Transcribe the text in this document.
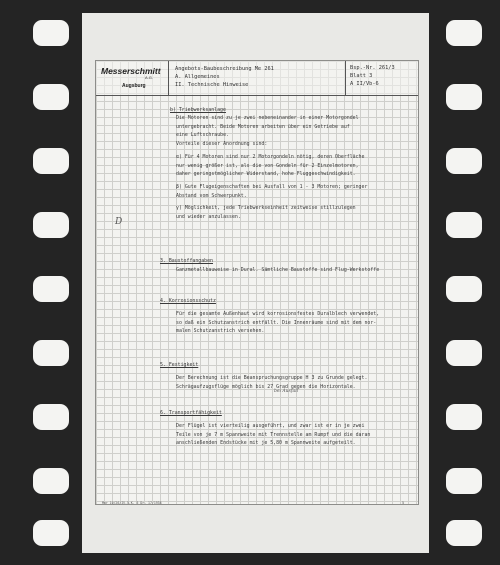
Messerschmitt
A.G.
Augsburg
Angebots-Baubeschreibung Me 261
A. Allgemeines
II. Technische Hinweise
Bsp.-Nr. 261/3
Blatt 3
A II/Vb-6
b) Triebwerksanlage
Die Motoren sind zu je zwei nebeneinander in einer Motorgondel
untergebracht. Beide Motoren arbeiten über ein Getriebe auf
eine Luftschraube.
Vorteile dieser Anordnung sind:
α) Für 4 Motoren sind nur 2 Motorgondeln nötig, deren Oberfläche
nur wenig größer ist, als die von Gondeln für 2 Einzelmotoren,
daher geringstmöglicher Widerstand, hohe Fluggeschwindigkeit.
β) Gute Flugeigenschaften bei Ausfall von 1 - 3 Motoren; geringer
Abstand vom Schwerpunkt.
γ) Möglichkeit, jede Triebwerkseinheit zeitweise stillzulegen
und wieder anzulassen.
D
3. Baustoffangaben
Ganzmetallbauweise in Dural. Sämtliche Baustoffe sind Flug-Werkstoffe
4. Korrosionsschutz
Für die gesamte Außenhaut wird korrosionsfestes Duralblech verwendet,
so daß ein Schutzanstrich entfällt. Die Innenräume sind mit dem nor-
malen Schutzanstrich versehen.
5. Festigkeit
Der Berechnung ist die Beanspruchungsgruppe H 3 zu Grunde gelegt.
Schrägaufzugsflüge möglich bis 27 Grad gegen die Horizontale.
bei Ausfall
6. Transportfähigkeit
Der Flügel ist vierteilig ausgeführt, und zwar ist er in je zwei
Teile von je 7 m Spannweite mit Trennstelle am Rumpf und die daran
anschließenden Endstücke mit je 5,80 m Spannweite aufgeteilt.
Mar 10/26/IV.5.K. 5 Dr. 17/1938	5
